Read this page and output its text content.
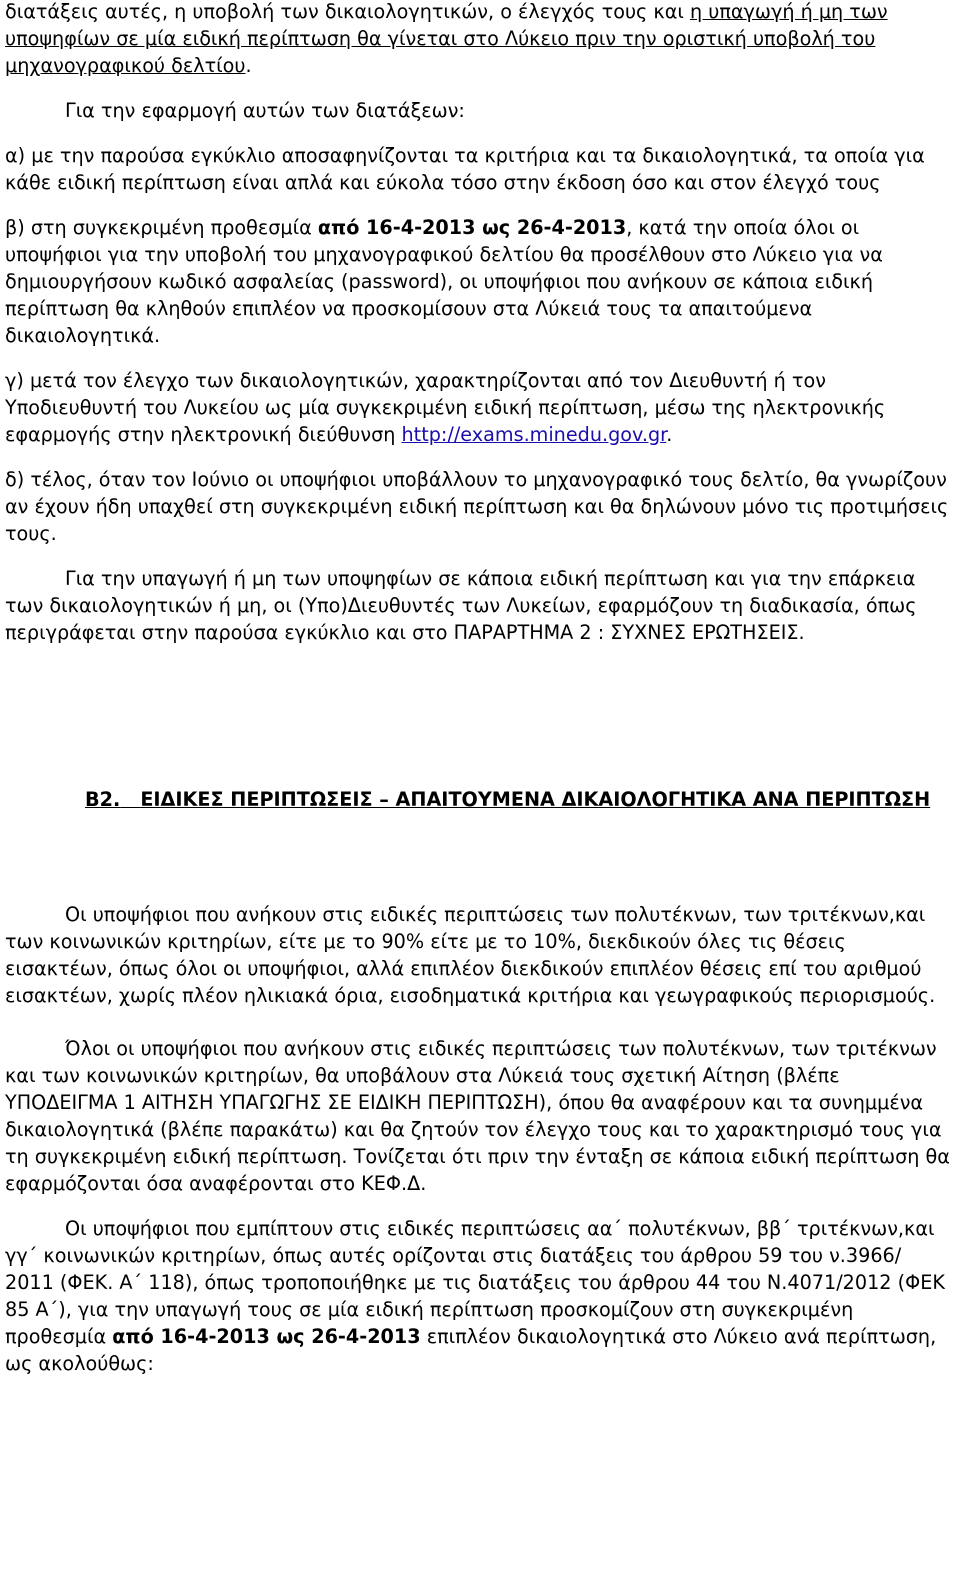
διατάξεις αυτές, η υποβολή των δικαιολογητικών, ο έλεγχός τους και η υπαγωγή ή μη των υποψηφίων σε μία ειδική περίπτωση θα γίνεται στο Λύκειο πριν την οριστική υποβολή του μηχανογραφικού δελτίου.

Για την εφαρμογή αυτών των διατάξεων:

α) με την παρούσα εγκύκλιο αποσαφηνίζονται τα κριτήρια και τα δικαιολογητικά, τα οποία για κάθε ειδική περίπτωση είναι απλά και εύκολα τόσο στην έκδοση όσο και στον έλεγχό τους

β) στη συγκεκριμένη προθεσμία από 16-4-2013 ως 26-4-2013, κατά την οποία όλοι οι υποψήφιοι για την υποβολή του μηχανογραφικού δελτίου θα προσέλθουν στο Λύκειο για να δημιουργήσουν κωδικό ασφαλείας (password), οι υποψήφιοι που ανήκουν σε κάποια ειδική περίπτωση θα κληθούν επιπλέον να προσκομίσουν στα Λύκειά τους τα απαιτούμενα δικαιολογητικά.

γ) μετά τον έλεγχο των δικαιολογητικών, χαρακτηρίζονται από τον Διευθυντή ή τον Υποδιευθυντή του Λυκείου ως μία συγκεκριμένη ειδική περίπτωση, μέσω της ηλεκτρονικής εφαρμογής στην ηλεκτρονική διεύθυνση http://exams.minedu.gov.gr.

δ) τέλος, όταν τον Ιούνιο οι υποψήφιοι υποβάλλουν το μηχανογραφικό τους δελτίο, θα γνωρίζουν αν έχουν ήδη υπαχθεί στη συγκεκριμένη ειδική περίπτωση και θα δηλώνουν μόνο τις προτιμήσεις τους.

Για την υπαγωγή ή μη των υποψηφίων σε κάποια ειδική περίπτωση και για την επάρκεια των δικαιολογητικών ή μη, οι (Υπο)Διευθυντές των Λυκείων, εφαρμόζουν τη διαδικασία, όπως περιγράφεται στην παρούσα εγκύκλιο και στο ΠΑΡΑΡΤΗΜΑ 2 : ΣΥΧΝΕΣ ΕΡΩΤΗΣΕΙΣ.

Β2. ΕΙΔΙΚΕΣ ΠΕΡΙΠΤΩΣΕΙΣ – ΑΠΑΙΤΟΥΜΕΝΑ ΔΙΚΑΙΟΛΟΓΗΤΙΚΑ ΑΝΑ ΠΕΡΙΠΤΩΣΗ

Οι υποψήφιοι που ανήκουν στις ειδικές περιπτώσεις των πολυτέκνων, των τριτέκνων,και των κοινωνικών κριτηρίων, είτε με το 90% είτε με το 10%, διεκδικούν όλες τις θέσεις εισακτέων, όπως όλοι οι υποψήφιοι, αλλά επιπλέον διεκδικούν επιπλέον θέσεις επί του αριθμού εισακτέων, χωρίς πλέον ηλικιακά όρια, εισοδηματικά κριτήρια και γεωγραφικούς περιορισμούς.

Όλοι οι υποψήφιοι που ανήκουν στις ειδικές περιπτώσεις των πολυτέκνων, των τριτέκνων και των κοινωνικών κριτηρίων, θα υποβάλουν στα Λύκειά τους σχετική Αίτηση (βλέπε ΥΠΟΔΕΙΓΜΑ 1 ΑΙΤΗΣΗ ΥΠΑΓΩΓΗΣ ΣΕ ΕΙΔΙΚΗ ΠΕΡΙΠΤΩΣΗ), όπου θα αναφέρουν και τα συνημμένα δικαιολογητικά (βλέπε παρακάτω) και θα ζητούν τον έλεγχο τους και το χαρακτηρισμό τους για τη συγκεκριμένη ειδική περίπτωση. Τονίζεται ότι πριν την ένταξη σε κάποια ειδική περίπτωση θα εφαρμόζονται όσα αναφέρονται στο ΚΕΦ.Δ.

Οι υποψήφιοι που εμπίπτουν στις ειδικές περιπτώσεις αα΄ πολυτέκνων, ββ΄ τριτέκνων,και γγ΄ κοινωνικών κριτηρίων, όπως αυτές ορίζονται στις διατάξεις του άρθρου 59 του ν.3966/ 2011 (ΦΕΚ. Α΄ 118), όπως τροποποιήθηκε με τις διατάξεις του άρθρου 44 του Ν.4071/2012 (ΦΕΚ 85 Α΄), για την υπαγωγή τους σε μία ειδική περίπτωση προσκομίζουν στη συγκεκριμένη προθεσμία από 16-4-2013 ως 26-4-2013 επιπλέον δικαιολογητικά στο Λύκειο ανά περίπτωση, ως ακολούθως:
